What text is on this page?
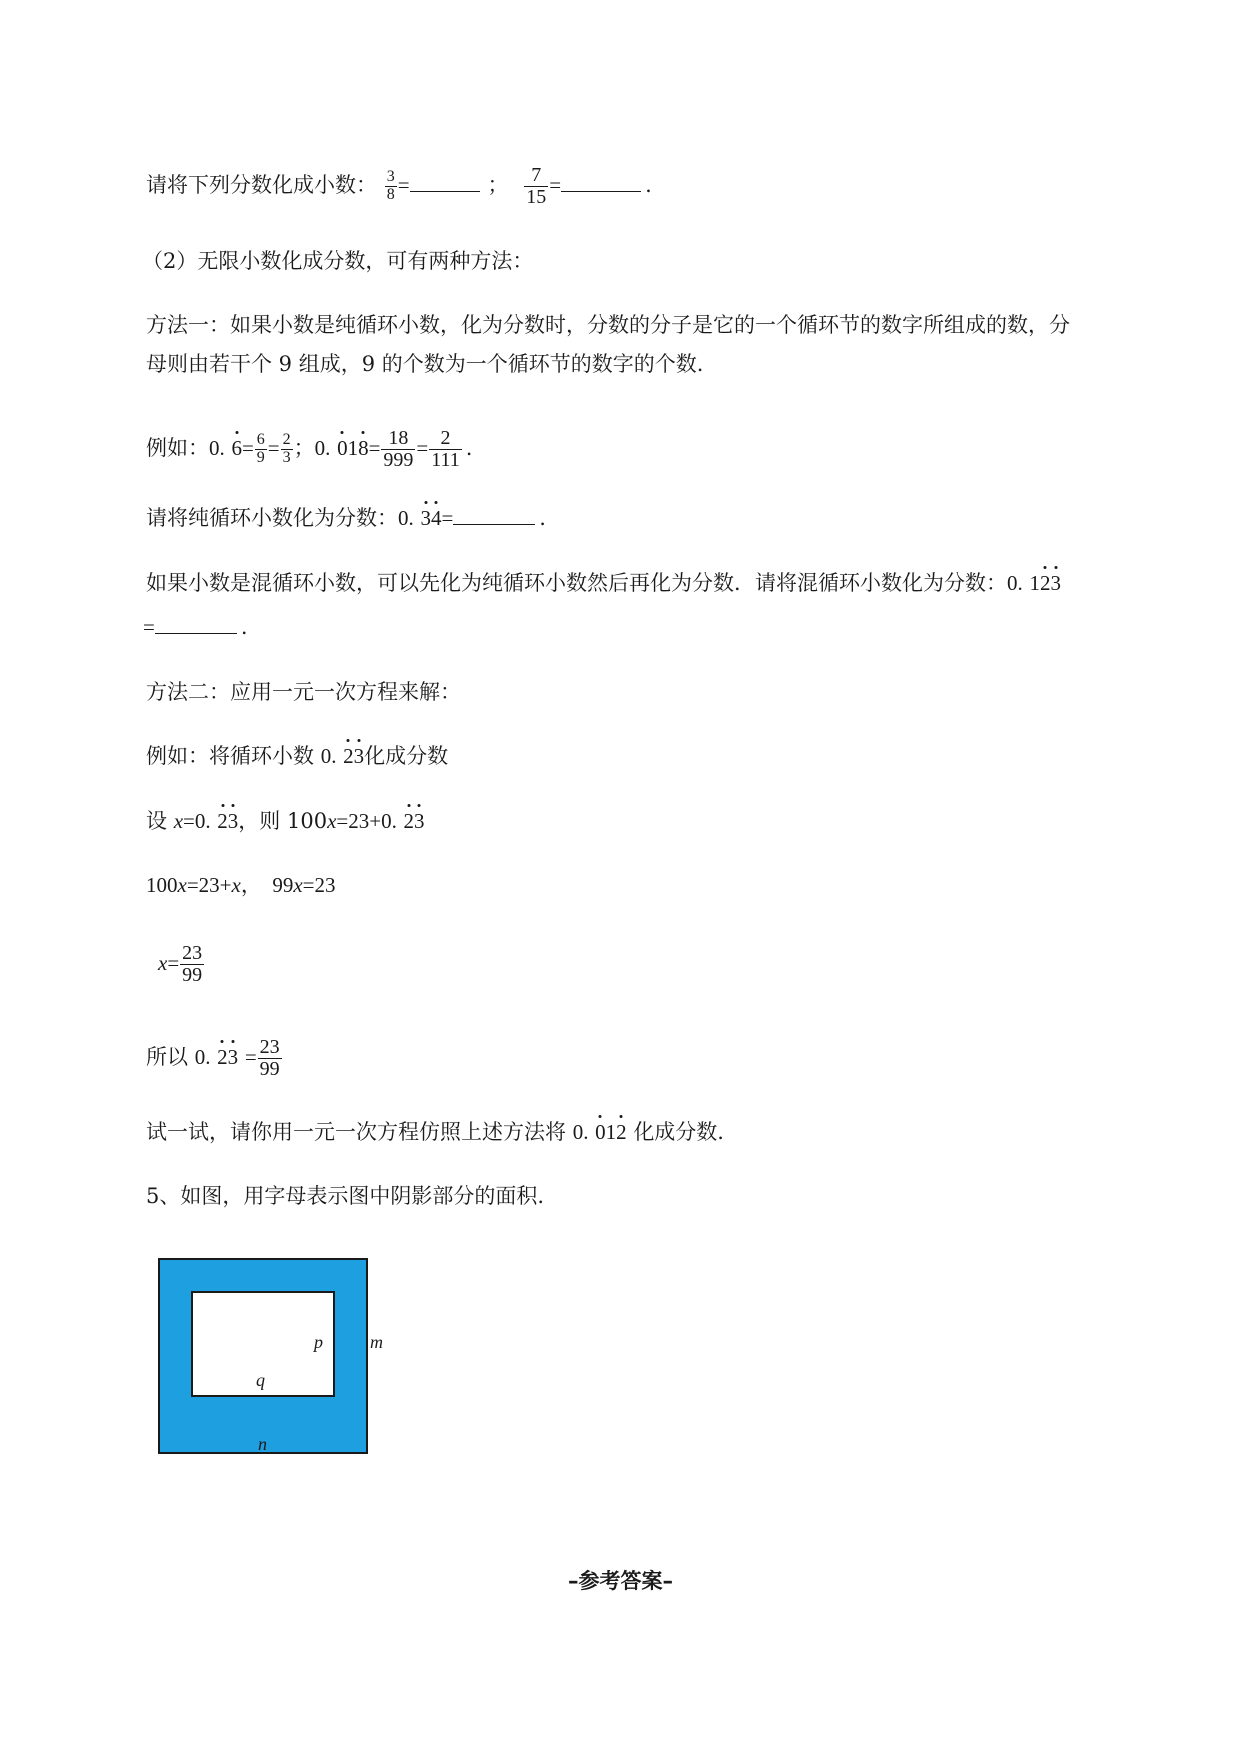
请将下列分数化成小数： $\frac{3}{8}$ =	； $\frac{7}{15}$ =	.
（2）无限小数化成分数，可有两种方法：
方法一：如果小数是纯循环小数，化为分数时，分数的分子是它的一个循环节的数字所组成的数，分
母则由若干个 9 组成，9 的个数为一个循环节的数字的个数.
例如：0. $6= \frac{6}{9} = \frac{2}{3}$ ；0. $018= \frac{18}{999} = \frac{2}{111}$ .
请将纯循环小数化为分数：0. 34=	.
如果小数是混循环小数，可以先化为纯循环小数然后再化为分数．请将混循环小数化为分数：0. 123
=	.
方法二：应用一元一次方程来解：
例如：将循环小数 0. 23化成分数
设 x=0. 23，则 100x=23+0. 23
100x=23+x，　99x=23
$x= \frac{23}{99}$
所以 0. $23 = \frac{23}{99}$
试一试，请你用一元一次方程仿照上述方法将 0. 012 化成分数.
5、如图，用字母表示图中阴影部分的面积.
p
q
m
n
–参考答案–
